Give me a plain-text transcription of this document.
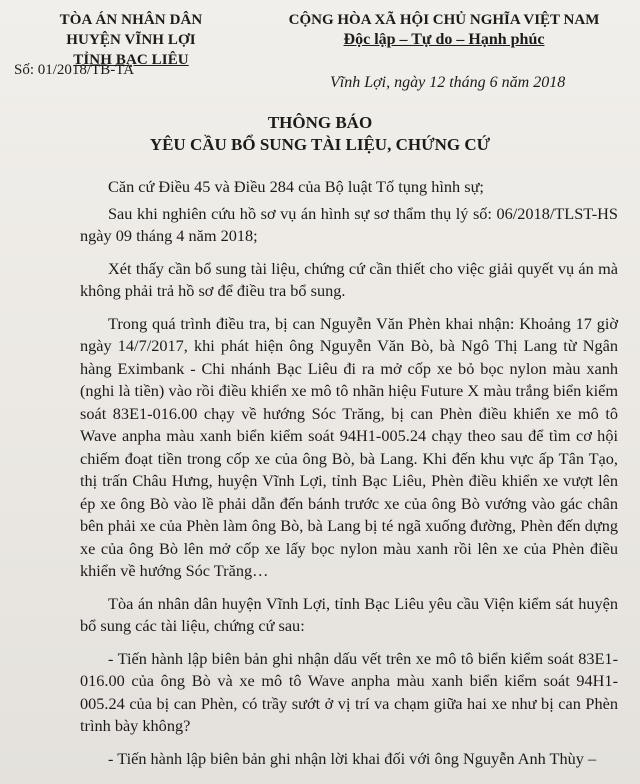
TÒA ÁN NHÂN DÂN
HUYỆN VĨNH LỢI
TỈNH BẠC LIÊU
Số: 01/2018/TB-TA
CỘNG HÒA XÃ HỘI CHỦ NGHĨA VIỆT NAM
Độc lập – Tự do – Hạnh phúc
Vĩnh Lợi, ngày 12 tháng 6 năm 2018
THÔNG BÁO
YÊU CẦU BỔ SUNG TÀI LIỆU, CHỨNG CỨ

Căn cứ Điều 45 và Điều 284 của Bộ luật Tố tụng hình sự;

Sau khi nghiên cứu hồ sơ vụ án hình sự sơ thẩm thụ lý số: 06/2018/TLST-HS ngày 09 tháng 4 năm 2018;

Xét thấy cần bổ sung tài liệu, chứng cứ cần thiết cho việc giải quyết vụ án mà không phải trả hồ sơ để điều tra bổ sung.

Trong quá trình điều tra, bị can Nguyễn Văn Phèn khai nhận: Khoảng 17 giờ ngày 14/7/2017, khi phát hiện ông Nguyễn Văn Bò, bà Ngô Thị Lang từ Ngân hàng Eximbank - Chi nhánh Bạc Liêu đi ra mở cốp xe bỏ bọc nylon màu xanh (nghi là tiền) vào rồi điều khiển xe mô tô nhãn hiệu Future X màu trắng biển kiểm soát 83E1-016.00 chạy về hướng Sóc Trăng, bị can Phèn điều khiển xe mô tô Wave anpha màu xanh biển kiểm soát 94H1-005.24 chạy theo sau để tìm cơ hội chiếm đoạt tiền trong cốp xe của ông Bò, bà Lang. Khi đến khu vực ấp Tân Tạo, thị trấn Châu Hưng, huyện Vĩnh Lợi, tỉnh Bạc Liêu, Phèn điều khiển xe vượt lên ép xe ông Bò vào lề phải dẫn đến bánh trước xe của ông Bò vướng vào gác chân bên phải xe của Phèn làm ông Bò, bà Lang bị té ngã xuống đường, Phèn đến dựng xe của ông Bò lên mở cốp xe lấy bọc nylon màu xanh rồi lên xe của Phèn điều khiển về hướng Sóc Trăng…

Tòa án nhân dân huyện Vĩnh Lợi, tỉnh Bạc Liêu yêu cầu Viện kiểm sát huyện bổ sung các tài liệu, chứng cứ sau:

- Tiến hành lập biên bản ghi nhận dấu vết trên xe mô tô biển kiểm soát 83E1-016.00 của ông Bò và xe mô tô Wave anpha màu xanh biển kiểm soát 94H1-005.24 của bị can Phèn, có trầy sướt ở vị trí va chạm giữa hai xe như bị can Phèn trình bày không?

- Tiến hành lập biên bản ghi nhận lời khai đối với ông Nguyễn Anh Thùy –
